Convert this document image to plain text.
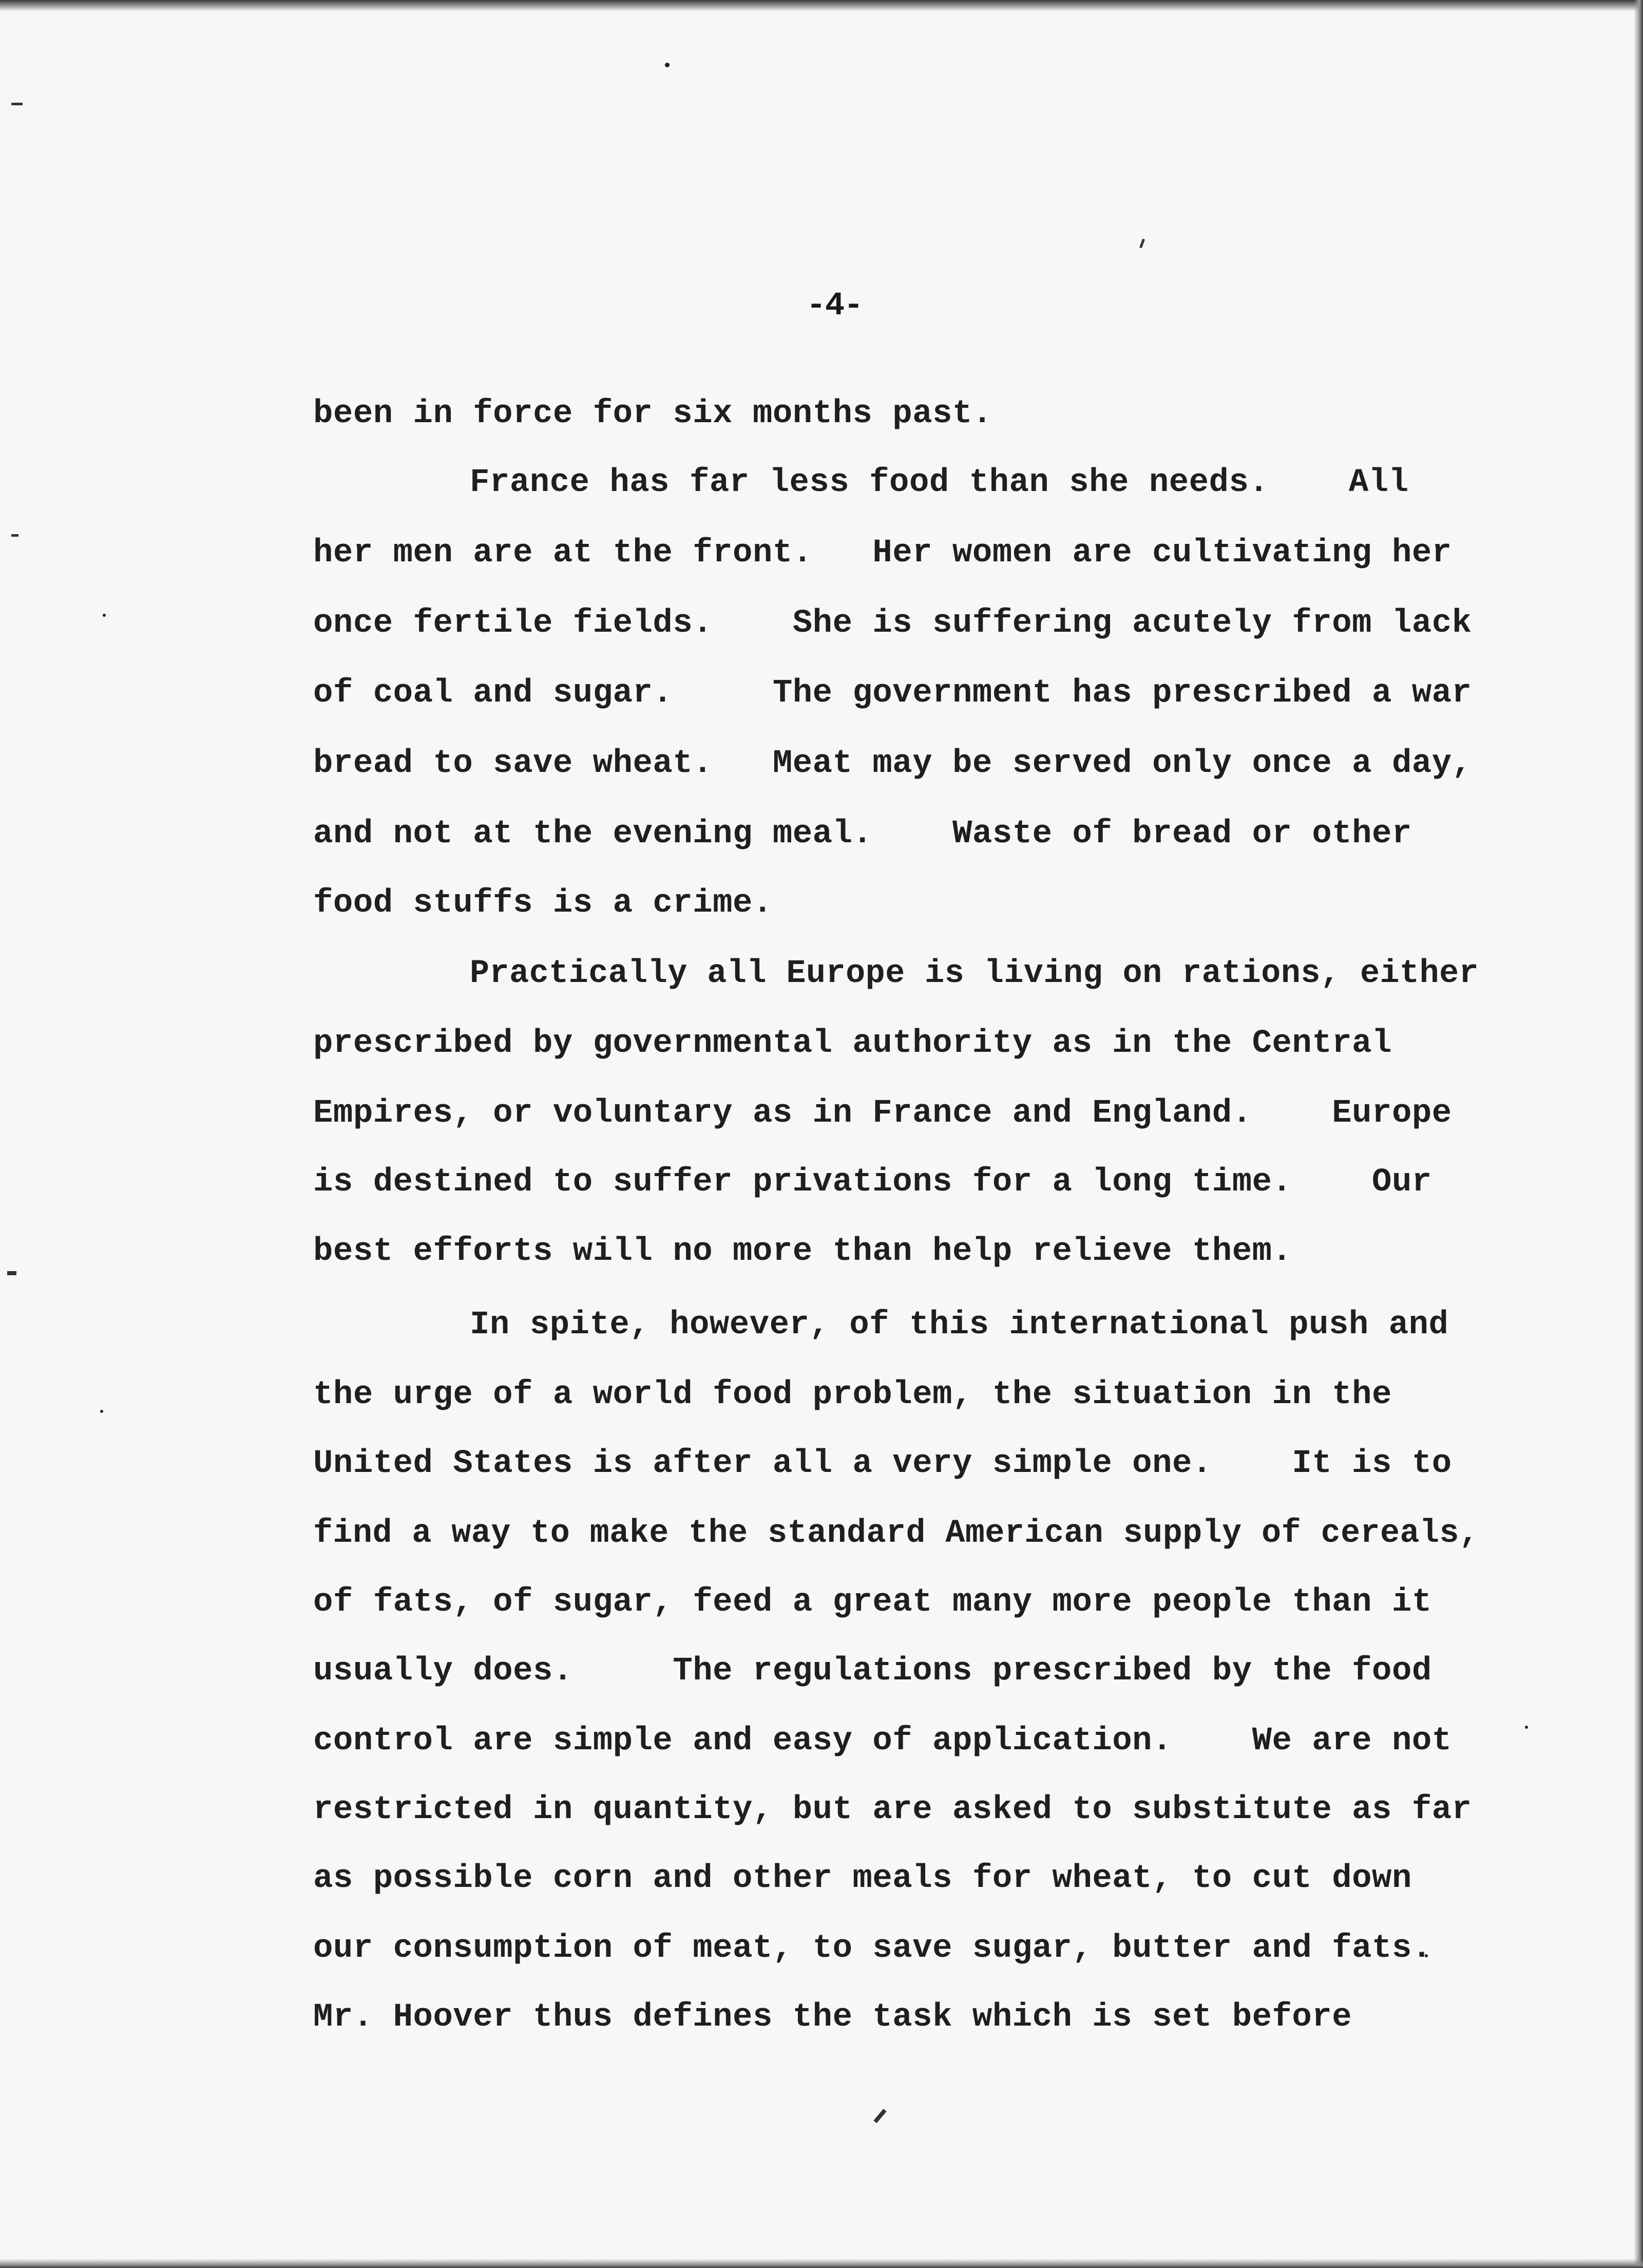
-4-
been in force for six months past.
France has far less food than she needs.    All
her men are at the front.   Her women are cultivating her
once fertile fields.    She is suffering acutely from lack
of coal and sugar.     The government has prescribed a war
bread to save wheat.   Meat may be served only once a day,
and not at the evening meal.    Waste of bread or other
food stuffs is a crime.
Practically all Europe is living on rations, either
prescribed by governmental authority as in the Central
Empires, or voluntary as in France and England.    Europe
is destined to suffer privations for a long time.    Our
best efforts will no more than help relieve them.
In spite, however, of this international push and
the urge of a world food problem, the situation in the
United States is after all a very simple one.    It is to
find a way to make the standard American supply of cereals,
of fats, of sugar, feed a great many more people than it
usually does.     The regulations prescribed by the food
control are simple and easy of application.    We are not
restricted in quantity, but are asked to substitute as far
as possible corn and other meals for wheat, to cut down
our consumption of meat, to save sugar, butter and fats.
Mr. Hoover thus defines the task which is set before
